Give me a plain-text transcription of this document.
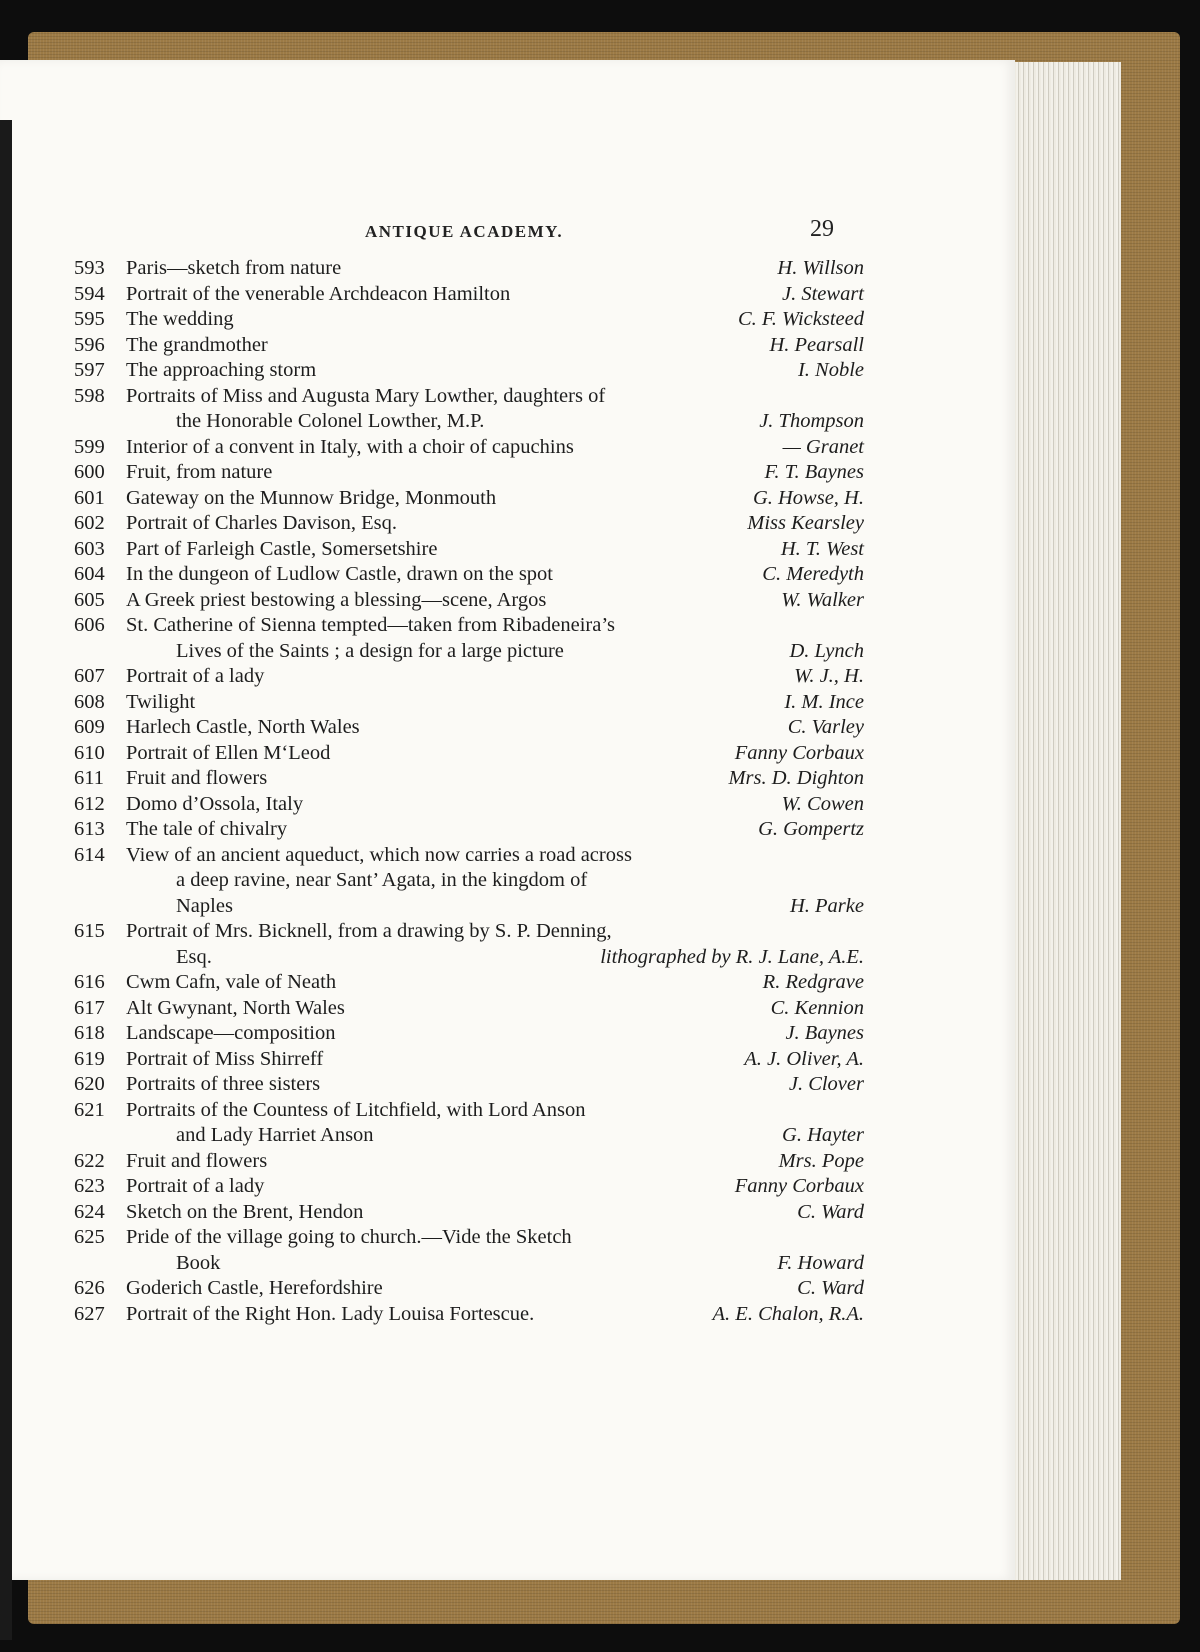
ANTIQUE ACADEMY.	29
593	Paris—sketch from nature	H. Willson
594	Portrait of the venerable Archdeacon Hamilton	J. Stewart
595	The wedding	C. F. Wicksteed
596	The grandmother	H. Pearsall
597	The approaching storm	I. Noble
598	Portraits of Miss and Augusta Mary Lowther, daughters of
the Honorable Colonel Lowther, M.P.	J. Thompson
599	Interior of a convent in Italy, with a choir of capuchins	— Granet
600	Fruit, from nature	F. T. Baynes
601	Gateway on the Munnow Bridge, Monmouth	G. Howse, H.
602	Portrait of Charles Davison, Esq.	Miss Kearsley
603	Part of Farleigh Castle, Somersetshire	H. T. West
604	In the dungeon of Ludlow Castle, drawn on the spot	C. Meredyth
605	A Greek priest bestowing a blessing—scene, Argos	W. Walker
606	St. Catherine of Sienna tempted—taken from Ribadeneira’s
Lives of the Saints ; a design for a large picture	D. Lynch
607	Portrait of a lady	W. J., H.
608	Twilight	I. M. Ince
609	Harlech Castle, North Wales	C. Varley
610	Portrait of Ellen M‘Leod	Fanny Corbaux
611	Fruit and flowers	Mrs. D. Dighton
612	Domo d’Ossola, Italy	W. Cowen
613	The tale of chivalry	G. Gompertz
614	View of an ancient aqueduct, which now carries a road across
a deep ravine, near Sant’ Agata, in the kingdom of
Naples	H. Parke
615	Portrait of Mrs. Bicknell, from a drawing by S. P. Denning,
Esq.	lithographed by R. J. Lane, A.E.
616	Cwm Cafn, vale of Neath	R. Redgrave
617	Alt Gwynant, North Wales	C. Kennion
618	Landscape—composition	J. Baynes
619	Portrait of Miss Shirreff	A. J. Oliver, A.
620	Portraits of three sisters	J. Clover
621	Portraits of the Countess of Litchfield, with Lord Anson
and Lady Harriet Anson	G. Hayter
622	Fruit and flowers	Mrs. Pope
623	Portrait of a lady	Fanny Corbaux
624	Sketch on the Brent, Hendon	C. Ward
625	Pride of the village going to church.—Vide the Sketch
Book	F. Howard
626	Goderich Castle, Herefordshire	C. Ward
627	Portrait of the Right Hon. Lady Louisa Fortescue.	A. E. Chalon, R.A.
